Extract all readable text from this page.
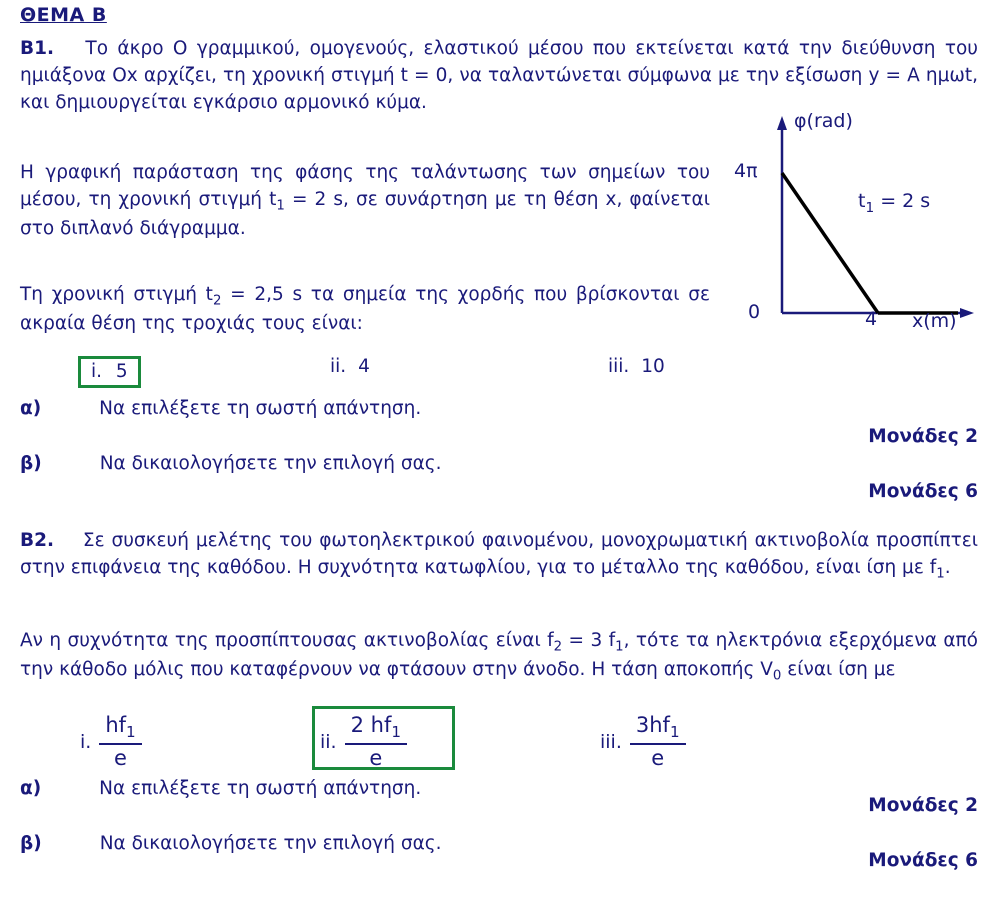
ΘΕΜΑ Β
Β1. Το άκρο Ο γραμμικού, ομογενούς, ελαστικού μέσου που εκτείνεται κατά την διεύθυνση του ημιάξονα Οx αρχίζει, τη χρονική στιγμή t = 0, να ταλαντώνεται σύμφωνα με την εξίσωση y = Α ημωt, και δημιουργείται εγκάρσιο αρμονικό κύμα.
Η γραφική παράσταση της φάσης της ταλάντωσης των σημείων του μέσου, τη χρονική στιγμή $t_1 = 2$ s, σε συνάρτηση με τη θέση x, φαίνεται στο διπλανό διάγραμμα.
Τη χρονική στιγμή $t_2 = 2,5$ s τα σημεία της χορδής που βρίσκονται σε ακραία θέση της τροχιάς τους είναι:
i. 5	ii. 4	iii. 10
α)	Να επιλέξετε τη σωστή απάντηση.
Μονάδες 2
β)	Να δικαιολογήσετε την επιλογή σας.
Μονάδες 6
φ(rad)
4π
0	4 x(m)
$t_1 = 2$ s
Β2. Σε συσκευή μελέτης του φωτοηλεκτρικού φαινομένου, μονοχρωματική ακτινοβολία προσπίπτει στην επιφάνεια της καθόδου. Η συχνότητα κατωφλίου, για το μέταλλο της καθόδου, είναι ίση με $f_1$.
Αν η συχνότητα της προσπίπτουσας ακτινοβολίας είναι $f_2 = 3$ $f_1$, τότε τα ηλεκτρόνια εξερχόμενα από την κάθοδο μόλις που καταφέρνουν να φτάσουν στην άνοδο. Η τάση αποκοπής $V_0$ είναι ίση με
i. $\frac{hf_1}{e}$	ii. $\frac{2 hf_1}{e}$	iii. $\frac{3hf_1}{e}$
α)	Να επιλέξετε τη σωστή απάντηση.
Μονάδες 2
β)	Να δικαιολογήσετε την επιλογή σας.
Μονάδες 6
